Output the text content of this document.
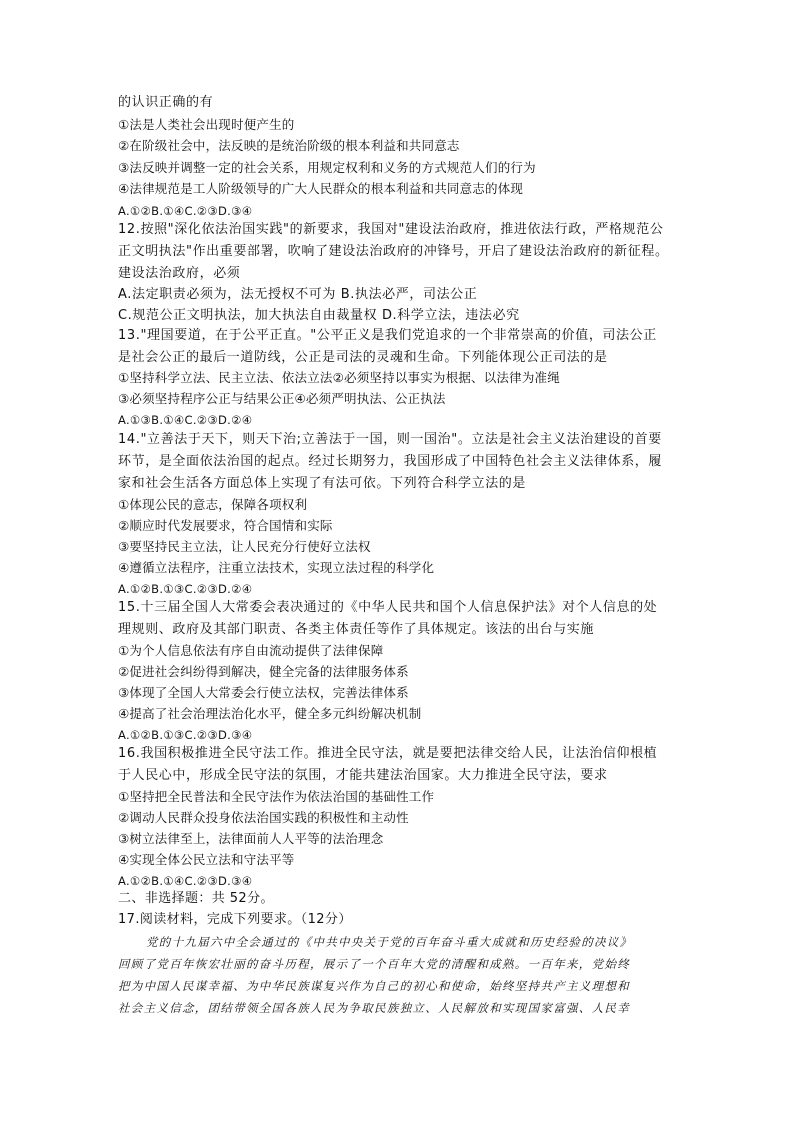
的认识正确的有

①法是人类社会出现时便产生的

②在阶级社会中，法反映的是统治阶级的根本利益和共同意志

③法反映并调整一定的社会关系，用规定权利和义务的方式规范人们的行为

④法律规范是工人阶级领导的广大人民群众的根本利益和共同意志的体现

A.①②B.①④C.②③D.③④

12.按照"深化依法治国实践"的新要求，我国对"建设法治政府，推进依法行政，严格规范公

正文明执法"作出重要部署，吹响了建设法治政府的冲锋号，开启了建设法治政府的新征程。

建设法治政府，必须

A.法定职责必须为，法无授权不可为 B.执法必严，司法公正

C.规范公正文明执法，加大执法自由裁量权 D.科学立法，违法必究

13."理国要道，在于公平正直。"公平正义是我们党追求的一个非常崇高的价值，司法公正

是社会公正的最后一道防线，公正是司法的灵魂和生命。下列能体现公正司法的是

①坚持科学立法、民主立法、依法立法②必须坚持以事实为根据、以法律为准绳

③必须坚持程序公正与结果公正④必须严明执法、公正执法

A.①③B.①④C.②③D.②④

14."立善法于天下，则天下治;立善法于一国，则一国治"。立法是社会主义法治建设的首要

环节，是全面依法治国的起点。经过长期努力，我国形成了中国特色社会主义法律体系，履

家和社会生活各方面总体上实现了有法可依。下列符合科学立法的是

①体现公民的意志，保障各项权利

②顺应时代发展要求，符合国情和实际

③要坚持民主立法，让人民充分行使好立法权

④遵循立法程序，注重立法技术，实现立法过程的科学化

A.①②B.①③C.②③D.②④

15.十三届全国人大常委会表决通过的《中华人民共和国个人信息保护法》对个人信息的处

理规则、政府及其部门职责、各类主体责任等作了具体规定。该法的出台与实施

①为个人信息依法有序自由流动提供了法律保障

②促进社会纠纷得到解决，健全完备的法律服务体系

③体现了全国人大常委会行使立法权，完善法律体系

④提高了社会治理法治化水平，健全多元纠纷解决机制

A.①②B.①③C.②③D.③④

16.我国积极推进全民守法工作。推进全民守法，就是要把法律交给人民，让法治信仰根植

于人民心中，形成全民守法的氛围，才能共建法治国家。大力推进全民守法，要求

①坚持把全民普法和全民守法作为依法治国的基础性工作

②调动人民群众投身依法治国实践的积极性和主动性

③树立法律至上，法律面前人人平等的法治理念

④实现全体公民立法和守法平等

A.①②B.①④C.②③D.③④

二、非选择题：共 52分。

17.阅读材料，完成下列要求。（12分）

党的十九届六中全会通过的《中共中央关于党的百年奋斗重大成就和历史经验的决议》

回顾了党百年恢宏壮丽的奋斗历程，展示了一个百年大党的清醒和成熟。一百年来，党始终

把为中国人民谋幸福、为中华民族谋复兴作为自己的初心和使命，始终坚持共产主义理想和

社会主义信念，团结带领全国各族人民为争取民族独立、人民解放和实现国家富强、人民幸
